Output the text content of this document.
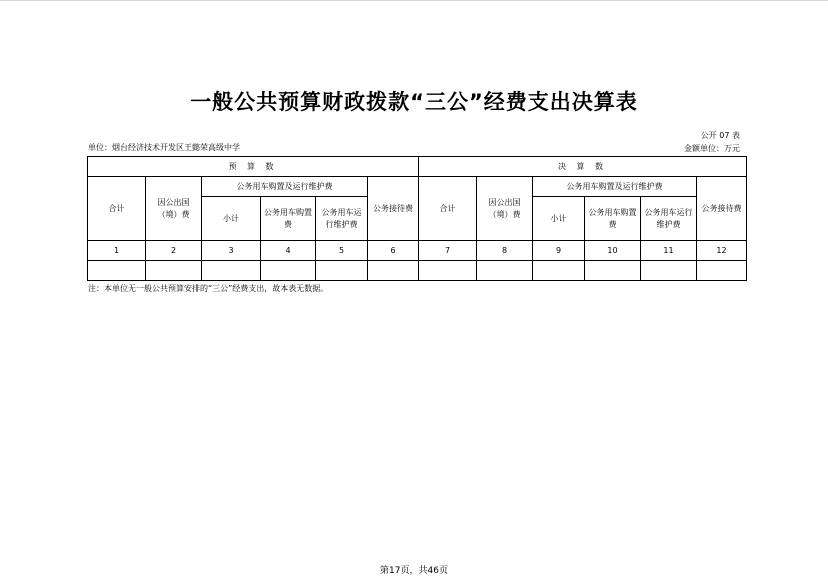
一般公共预算财政拨款“三公”经费支出决算表
单位：烟台经济技术开发区王懿荣高级中学
公开 07 表
金额单位：万元
预 算 数						决 算 数					
合计	因公出国（境）费	公务用车购置及运行维护费			公务接待费	合计	因公出国（境）费	公务用车购置及运行维护费			公务接待费
		小计	公务用车购置费	公务用车运行维护费				小计	公务用车购置费	公务用车运行维护费	
1	2	3	4	5	6	7	8	9	10	11	12

注：本单位无一般公共预算安排的“三公”经费支出，故本表无数据。
第17页，共46页
